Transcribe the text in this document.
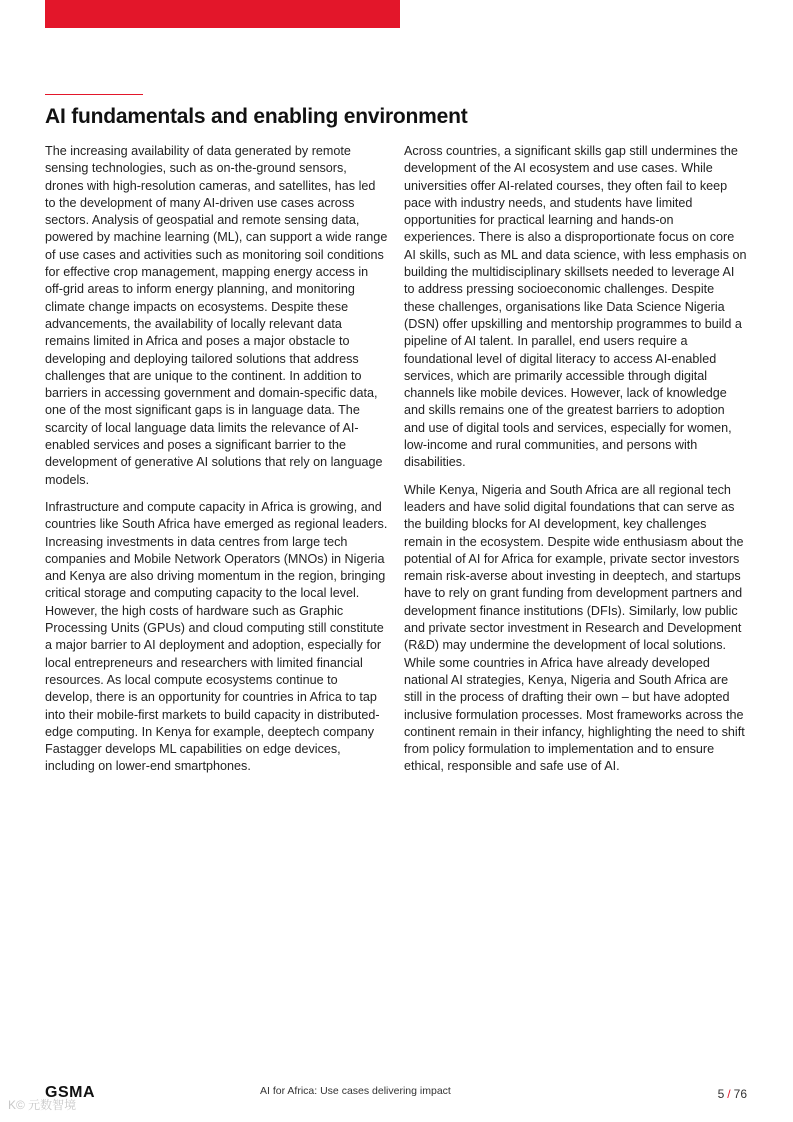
AI fundamentals and enabling environment

The increasing availability of data generated by remote sensing technologies, such as on-the-ground sensors, drones with high-resolution cameras, and satellites, has led to the development of many AI-driven use cases across sectors. Analysis of geospatial and remote sensing data, powered by machine learning (ML), can support a wide range of use cases and activities such as monitoring soil conditions for effective crop management, mapping energy access in off-grid areas to inform energy planning, and monitoring climate change impacts on ecosystems. Despite these advancements, the availability of locally relevant data remains limited in Africa and poses a major obstacle to developing and deploying tailored solutions that address challenges that are unique to the continent. In addition to barriers in accessing government and domain-specific data, one of the most significant gaps is in language data. The scarcity of local language data limits the relevance of AI-enabled services and poses a significant barrier to the development of generative AI solutions that rely on language models.

Infrastructure and compute capacity in Africa is growing, and countries like South Africa have emerged as regional leaders. Increasing investments in data centres from large tech companies and Mobile Network Operators (MNOs) in Nigeria and Kenya are also driving momentum in the region, bringing critical storage and computing capacity to the local level. However, the high costs of hardware such as Graphic Processing Units (GPUs) and cloud computing still constitute a major barrier to AI deployment and adoption, especially for local entrepreneurs and researchers with limited financial resources. As local compute ecosystems continue to develop, there is an opportunity for countries in Africa to tap into their mobile-first markets to build capacity in distributed-edge computing. In Kenya for example, deeptech company Fastagger develops ML capabilities on edge devices, including on lower-end smartphones.

Across countries, a significant skills gap still undermines the development of the AI ecosystem and use cases. While universities offer AI-related courses, they often fail to keep pace with industry needs, and students have limited opportunities for practical learning and hands-on experiences. There is also a disproportionate focus on core AI skills, such as ML and data science, with less emphasis on building the multidisciplinary skillsets needed to leverage AI to address pressing socioeconomic challenges. Despite these challenges, organisations like Data Science Nigeria (DSN) offer upskilling and mentorship programmes to build a pipeline of AI talent. In parallel, end users require a foundational level of digital literacy to access AI-enabled services, which are primarily accessible through digital channels like mobile devices. However, lack of knowledge and skills remains one of the greatest barriers to adoption and use of digital tools and services, especially for women, low-income and rural communities, and persons with disabilities.

While Kenya, Nigeria and South Africa are all regional tech leaders and have solid digital foundations that can serve as the building blocks for AI development, key challenges remain in the ecosystem. Despite wide enthusiasm about the potential of AI for Africa for example, private sector investors remain risk-averse about investing in deeptech, and startups have to rely on grant funding from development partners and development finance institutions (DFIs). Similarly, low public and private sector investment in Research and Development (R&D) may undermine the development of local solutions. While some countries in Africa have already developed national AI strategies, Kenya, Nigeria and South Africa are still in the process of drafting their own – but have adopted inclusive formulation processes. Most frameworks across the continent remain in their infancy, highlighting the need to shift from policy formulation to implementation and to ensure ethical, responsible and safe use of AI.

GSMA	AI for Africa: Use cases delivering impact	5 / 76
K© 元数智境
